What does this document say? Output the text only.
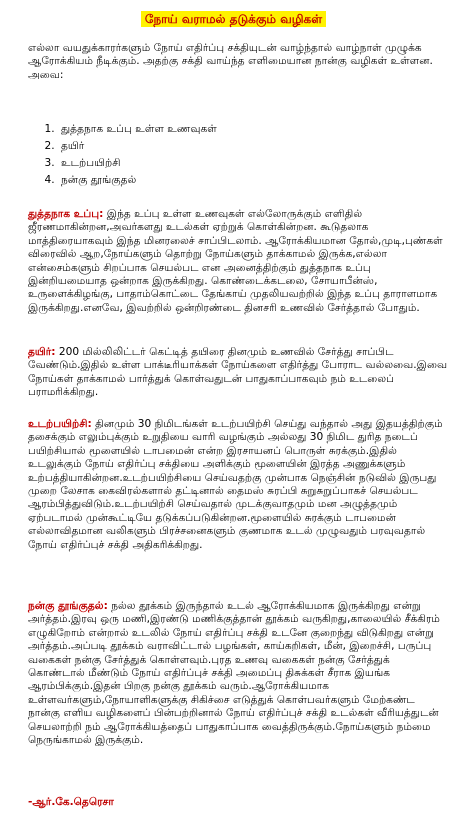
நோய் வராமல் தடுக்கும் வழிகள்

எல்லா வயதுக்காரர்களும் நோய் எதிர்ப்பு சக்தியுடன் வாழ்ந்தால் வாழ்நாள் முழுக்க ஆரோக்கியம் நீடிக்கும். அதற்கு சக்தி வாய்ந்த எளிமையான நான்கு வழிகள் உள்ளன. அவை:

1. துத்தநாக உப்பு உள்ள உணவுகள்
2. தயிர்
3. உடற்பயிற்சி
4. நன்கு தூங்குதல்

துத்தநாக உப்பு: இந்த உப்பு உள்ள உணவுகள் எல்லோருக்கும் எளிதில் ஜீரணமாகின்றன,அவர்களது உடல்கள் ஏற்றுக் கொள்கின்றன. கூடுதலாக மாத்திரையாகவும் இந்த மினரலைச் சாப்பிடலாம். ஆரோக்கியமான தோல்,முடி,புண்கள் விரைவில் ஆற,நோய்களும் தொற்று நோய்களும் தாக்காமல் இருக்க,எல்லா என்சைம்களும் சிறப்பாக செயல்பட என அனைத்திற்கும் துத்தநாக உப்பு இன்றியமையாத ஒன்றாக இருக்கிறது. கொண்டைக்கடலை, சோயாபீன்ஸ், உருளைக்கிழங்கு, பாதாம்கொட்டை தேங்காய் முதலியவற்றில் இந்த உப்பு தாராளமாக இருக்கிறது.எனவே, இவற்றில் ஒன்றிரண்டை தினசரி உணவில் சேர்த்தால் போதும்.

தயிர்: 200 மில்லிலிட்டர் கெட்டித் தயிரை தினமும் உணவில் சேர்த்து சாப்பிட வேண்டும்.இதில் உள்ள பாக்டீரியாக்கள் நோய்களை எதிர்த்து போராட வல்லவை.இவை நோய்கள் தாக்காமல் பார்த்துக் கொள்வதுடன் பாதுகாப்பாகவும் நம் உடலைப் பராமரிக்கிறது.

உடற்பயிற்சி: தினமும் 30 நிமிடங்கள் உடற்பயிற்சி செய்து வந்தால் அது இதயத்திற்கும் தசைக்கும் எலும்புக்கும் உறுதியை வாரி வழங்கும் அல்லது 30 நிமிட துரித நடைப் பயிற்சியால் மூளையில் டாபமைன் என்ற இரசாயனப் பொருள் சுரக்கும்.இதில் உடலுக்கும் நோய் எதிர்ப்பு சக்தியை அளிக்கும் மூளையின் இரத்த அணுக்களும் உற்பத்தியாகின்றன.உடற்பயிற்சியை செய்வதற்கு முன்பாக நெஞ்சின் நடுவில் இருபது முறை லேசாக கைவிரல்களால் தட்டினால் தைமஸ் சுரப்பி சுறுசுறுப்பாகச் செயல்பட ஆரம்பித்துவிடும்.உடற்பயிற்சி செய்வதால் முடக்குவாதமும் மன அழுத்தமும் ஏற்படாமல் முன்கூட்டியே தடுக்கப்படுகின்றன.மூளையில் சுரக்கும் டாபமைன் எல்லாவிதமான வலிகளும் பிரச்சனைகளும் குணமாக உடல் முழுவதும் பரவுவதால் நோய் எதிர்ப்புச் சக்தி அதிகரிக்கிறது.

நன்கு தூங்குதல்: நல்ல தூக்கம் இருந்தால் உடல் ஆரோக்கியமாக இருக்கிறது என்று அர்த்தம்.இரவு ஒரு மணி,இரண்டு மணிக்குத்தான் தூக்கம் வருகிறது,காலையில் சீக்கிரம் எழுகிறோம் என்றால் உடலில் நோய் எதிர்ப்பு சக்தி உடனே குறைந்து விடுகிறது என்று அர்த்தம்.அப்படி தூக்கம் வராவிட்டால் பழங்கள், காய்கறிகள், மீன், இறைச்சி, பருப்பு வகைகள் நன்கு சேர்த்துக் கொள்ளவும்.புரத உணவு வகைகள் நன்கு சேர்த்துக் கொண்டால் மீண்டும் நோய் எதிர்ப்புச் சக்தி அமைப்பு திசுக்கள் சீராக இயங்க ஆரம்பிக்கும்.இதன் பிறகு நன்கு தூக்கம் வரும்.ஆரோக்கியமாக உள்ளவர்களும்,நோயாளிகளுக்கு சிகிச்சை எடுத்துக் கொள்பவர்களும் மேற்கண்ட நான்கு எளிய வழிகளைப் பின்பற்றினால் நோய் எதிர்ப்புச் சக்தி உடல்கள் வீரியத்துடன் செயலாற்றி நம் ஆரோக்கியத்தைப் பாதுகாப்பாக வைத்திருக்கும்.நோய்களும் நம்மை நெருங்காமல் இருக்கும்.

-ஆர்.கே.தெரெசா
